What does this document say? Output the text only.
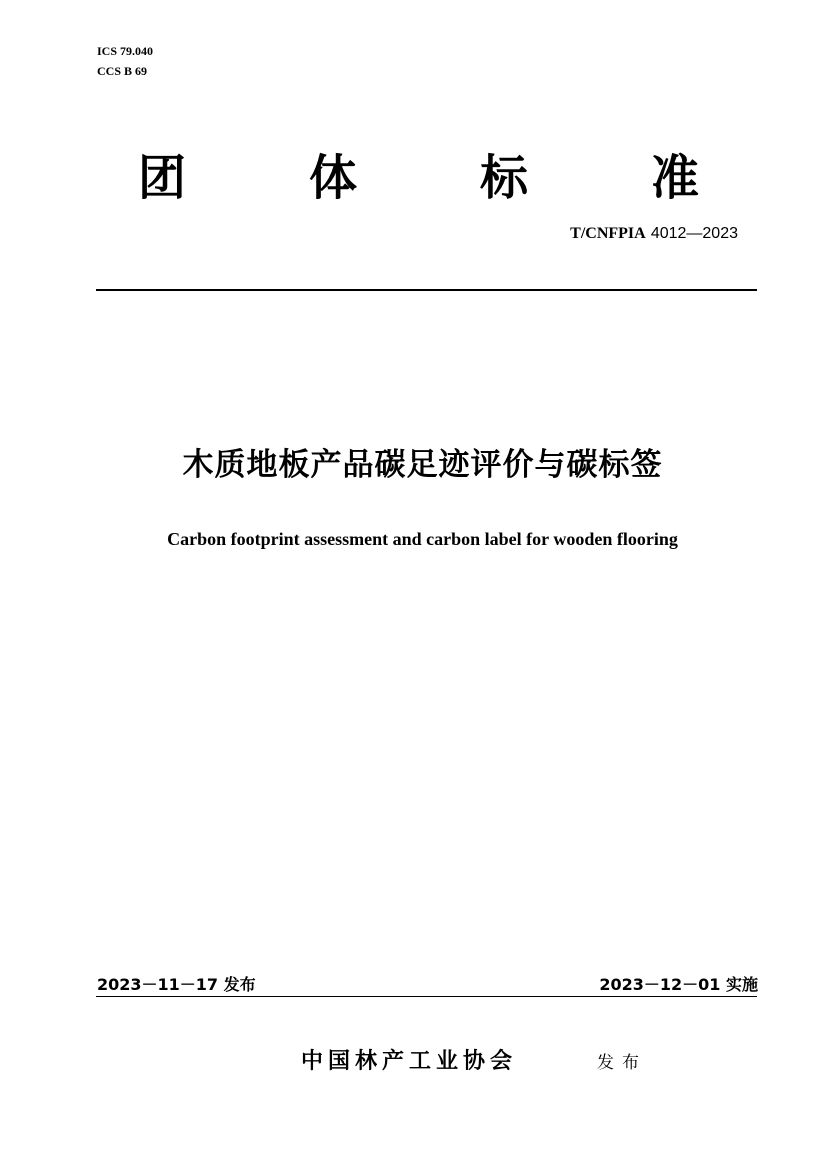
ICS 79.040
CCS B 69
团	体	标	准
T/CNFPIA 4012—2023
木质地板产品碳足迹评价与碳标签
Carbon footprint assessment and carbon label for wooden flooring
2023－11－17 发布	2023－12－01 实施
中国林产工业协会	发布
